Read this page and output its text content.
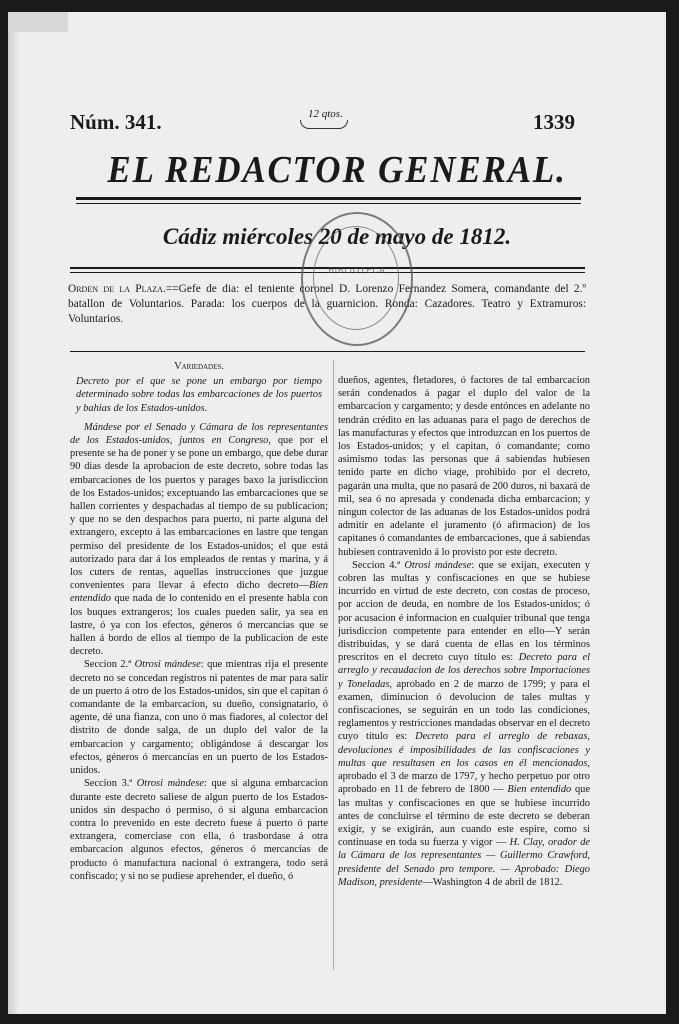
Núm. 341.	12 qtos.	1339
EL REDACTOR GENERAL.
Cádiz miércoles 20 de mayo de 1812.
Orden de la Plaza.==Gefe de dia: el teniente coronel D. Lorenzo Fernandez Somera, comandante del 2.º batallon de Voluntarios. Parada: los cuerpos de la guarnicion. Ronda: Cazadores. Teatro y Extramuros: Voluntarios.
BIBLIOTECA

Variedades.

Decreto por el que se pone un embargo por tiempo determinado sobre todas las embarcaciones de los puertos y bahias de los Estados-unidos.

Mándese por el Senado y Cámara de los representantes de los Estados-unidos, juntos en Congreso, que por el presente se ha de poner y se pone un embargo, que debe durar 90 dias desde la aprobacion de este decreto, sobre todas las embarcaciones de los puertos y parages baxo la jurisdiccion de los Estados-unidos; exceptuando las embarcaciones que se hallen corrientes y despachadas al tiempo de su publicacion; y que no se den despachos para puerto, ni parte alguna del extrangero, excepto á las embarcaciones en lastre que tengan permiso del presidente de los Estados-unidos; el que está autorizado para dar á los empleados de rentas y marina, y á los cuters de rentas, aquellas instrucciones que juzgue convenientes para llevar á efecto dicho decreto—Bien entendido que nada de lo contenido en el presente habla con los buques extrangeros; los cuales pueden salir, ya sea en lastre, ó ya con los efectos, géneros ó mercancías que se hallen á bordo de ellos al tiempo de la publicacion de este decreto.

Seccion 2.ª Otrosi mándese: que mientras rija el presente decreto no se concedan registros ni patentes de mar para salir de un puerto á otro de los Estados-unidos, sin que el capitan ó comandante de la embarcacion, su dueño, consignatario, ó agente, dé una fianza, con uno ó mas fiadores, al colector del distrito de donde salga, de un duplo del valor de la embarcacion y cargamento; obligándose á descargar los efectos, géneros ó mercancías en un puerto de los Estados-unidos.

Seccion 3.ª Otrosi mándese: que si alguna embarcacion durante este decreto saliese de algun puerto de los Estados-unidos sin despacho ó permiso, ó si alguna embarcacion contra lo prevenido en este decreto fuese á puerto ó parte extrangera, comerciase con ella, ó trasbordase á otra embarcacion algunos efectos, géneros ó mercancías de producto ó manufactura nacional ó extrangera, todo será confiscado; y si no se pudiese aprehender, el dueño, ó

dueños, agentes, fletadores, ó factores de tal embarcacion serán condenados á pagar el duplo del valor de la embarcacion y cargamento; y desde entónces en adelante no tendrán crédito en las aduanas para el pago de derechos de las manufacturas y efectos que introduzcan en los puertos de los Estados-unidos; y el capitan, ó comandante; como asimismo todas las personas que á sabiendas hubiesen tenido parte en dicho viage, prohibido por el decreto, pagarán una multa, que no pasará de 200 duros, ni baxará de mil, sea ó no apresada y condenada dicha embarcacion; y ningun colector de las aduanas de los Estados-unidos podrá admitir en adelante el juramento (ó afirmacion) de los capitanes ó comandantes de embarcaciones, que á sabiendas hubiesen contravenido á lo provisto por este decreto.

Seccion 4.ª Otrosi mándese: que se exijan, executen y cobren las multas y confiscaciones en que se hubiese incurrido en virtud de este decreto, con costas de proceso, por accion de deuda, en nombre de los Estados-unidos; ó por acusacion é informacion en cualquier tribunal que tenga jurisdiccion competente para entender en ello—Y serán distribuidas, y se dará cuenta de ellas en los términos prescritos en el decreto cuyo título es: Decreto para el arreglo y recaudacion de los derechos sobre Importaciones y Toneladas, aprobado en 2 de marzo de 1799; y para el examen, diminucion ó devolucion de tales multas y confiscaciones, se seguirán en un todo las condiciones, reglamentos y restricciones mandadas observar en el decreto cuyo título es: Decreto para el arreglo de rebaxas, devoluciones é imposibilidades de las confiscaciones y multas que resultasen en los casos en él mencionados, aprobado el 3 de marzo de 1797, y hecho perpetuo por otro aprobado en 11 de febrero de 1800 — Bien entendido que las multas y confiscaciones en que se hubiese incurrido antes de concluirse el término de este decreto se deberan exigir, y se exigirán, aun cuando este espire, como si continuase en toda su fuerza y vigor — H. Clay, orador de la Cámara de los representantes — Guillermo Crawford, presidente del Senado pro tempore. — Aprobado: Diego Madison, presidente—Washington 4 de abril de 1812.
